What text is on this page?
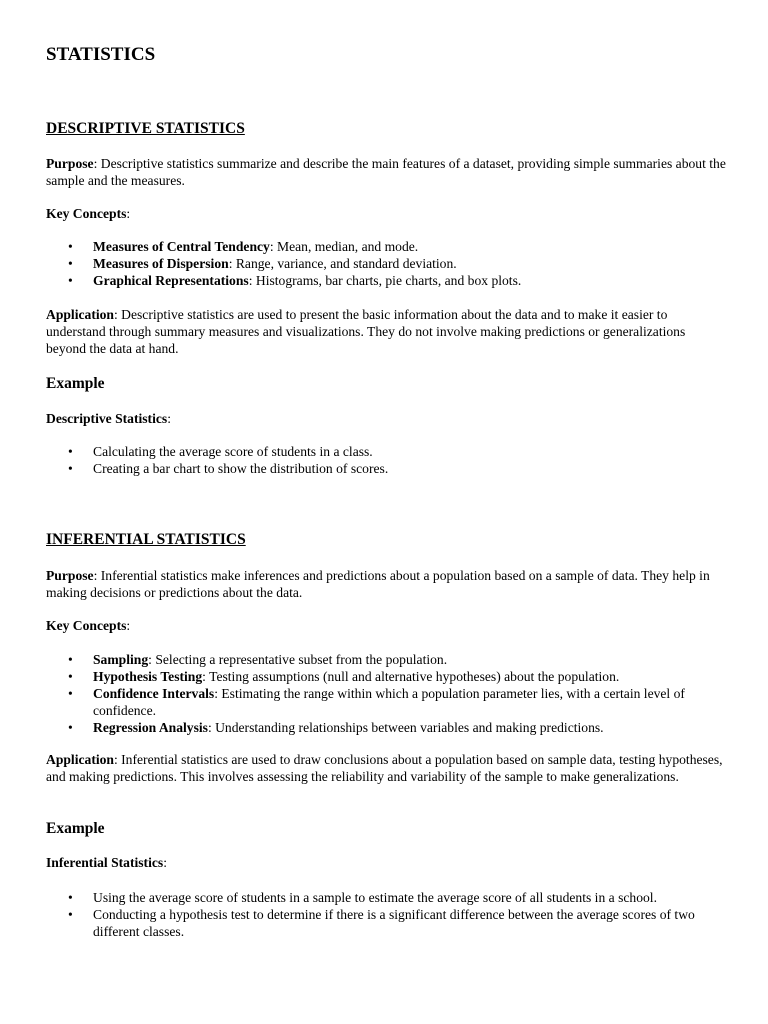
STATISTICS
DESCRIPTIVE STATISTICS

Purpose: Descriptive statistics summarize and describe the main features of a dataset, providing simple summaries about the sample and the measures.

Key Concepts:

• Measures of Central Tendency: Mean, median, and mode.
• Measures of Dispersion: Range, variance, and standard deviation.
• Graphical Representations: Histograms, bar charts, pie charts, and box plots.

Application: Descriptive statistics are used to present the basic information about the data and to make it easier to understand through summary measures and visualizations. They do not involve making predictions or generalizations beyond the data at hand.

Example

Descriptive Statistics:

• Calculating the average score of students in a class.
• Creating a bar chart to show the distribution of scores.
INFERENTIAL STATISTICS

Purpose: Inferential statistics make inferences and predictions about a population based on a sample of data. They help in making decisions or predictions about the data.

Key Concepts:

• Sampling: Selecting a representative subset from the population.
• Hypothesis Testing: Testing assumptions (null and alternative hypotheses) about the population.
• Confidence Intervals: Estimating the range within which a population parameter lies, with a certain level of confidence.
• Regression Analysis: Understanding relationships between variables and making predictions.

Application: Inferential statistics are used to draw conclusions about a population based on sample data, testing hypotheses, and making predictions. This involves assessing the reliability and variability of the sample to make generalizations.

Example

Inferential Statistics:

• Using the average score of students in a sample to estimate the average score of all students in a school.
• Conducting a hypothesis test to determine if there is a significant difference between the average scores of two different classes.
